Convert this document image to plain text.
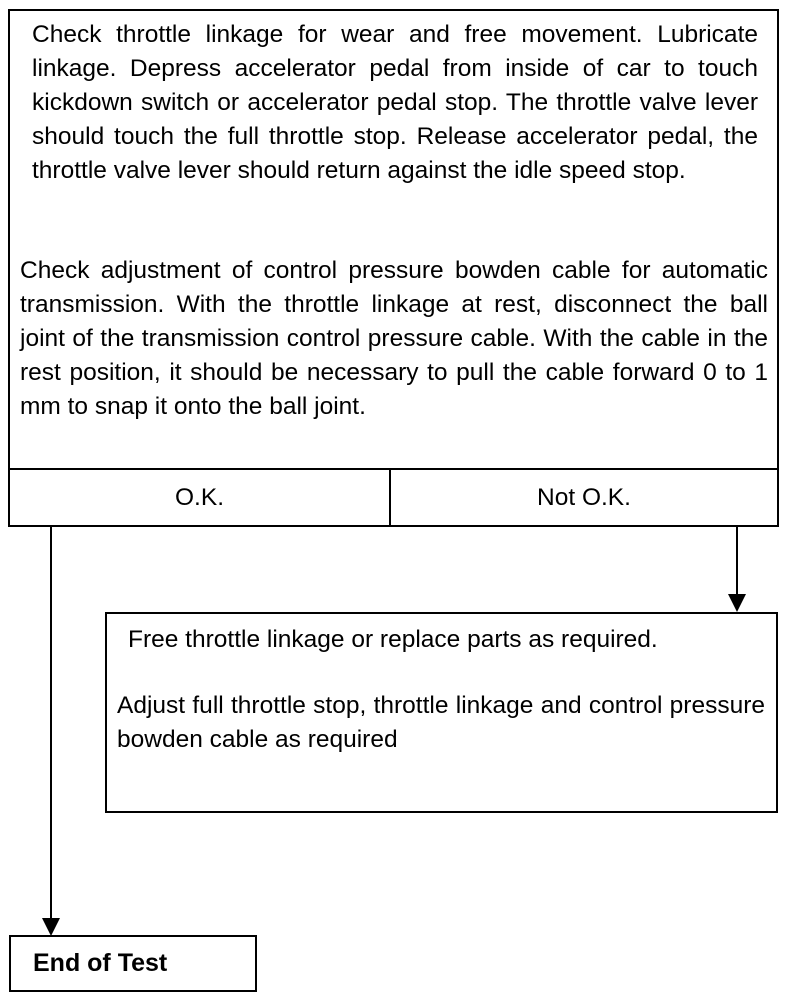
Check throttle linkage for wear and free movement. Lubricate linkage. Depress accelerator pedal from inside of car to touch kickdown switch or accelerator pedal stop. The throttle valve lever should touch the full throttle stop. Release accelerator pedal, the throttle valve lever should return against the idle speed stop.

Check adjustment of control pressure bowden cable for automatic transmission. With the throttle linkage at rest, disconnect the ball joint of the transmission control pressure cable. With the cable in the rest position, it should be necessary to pull the cable forward 0 to 1 mm to snap it onto the ball joint.

O.K.	Not O.K.

Free throttle linkage or replace parts as required.

Adjust full throttle stop, throttle linkage and control pressure bowden cable as required

End of Test
